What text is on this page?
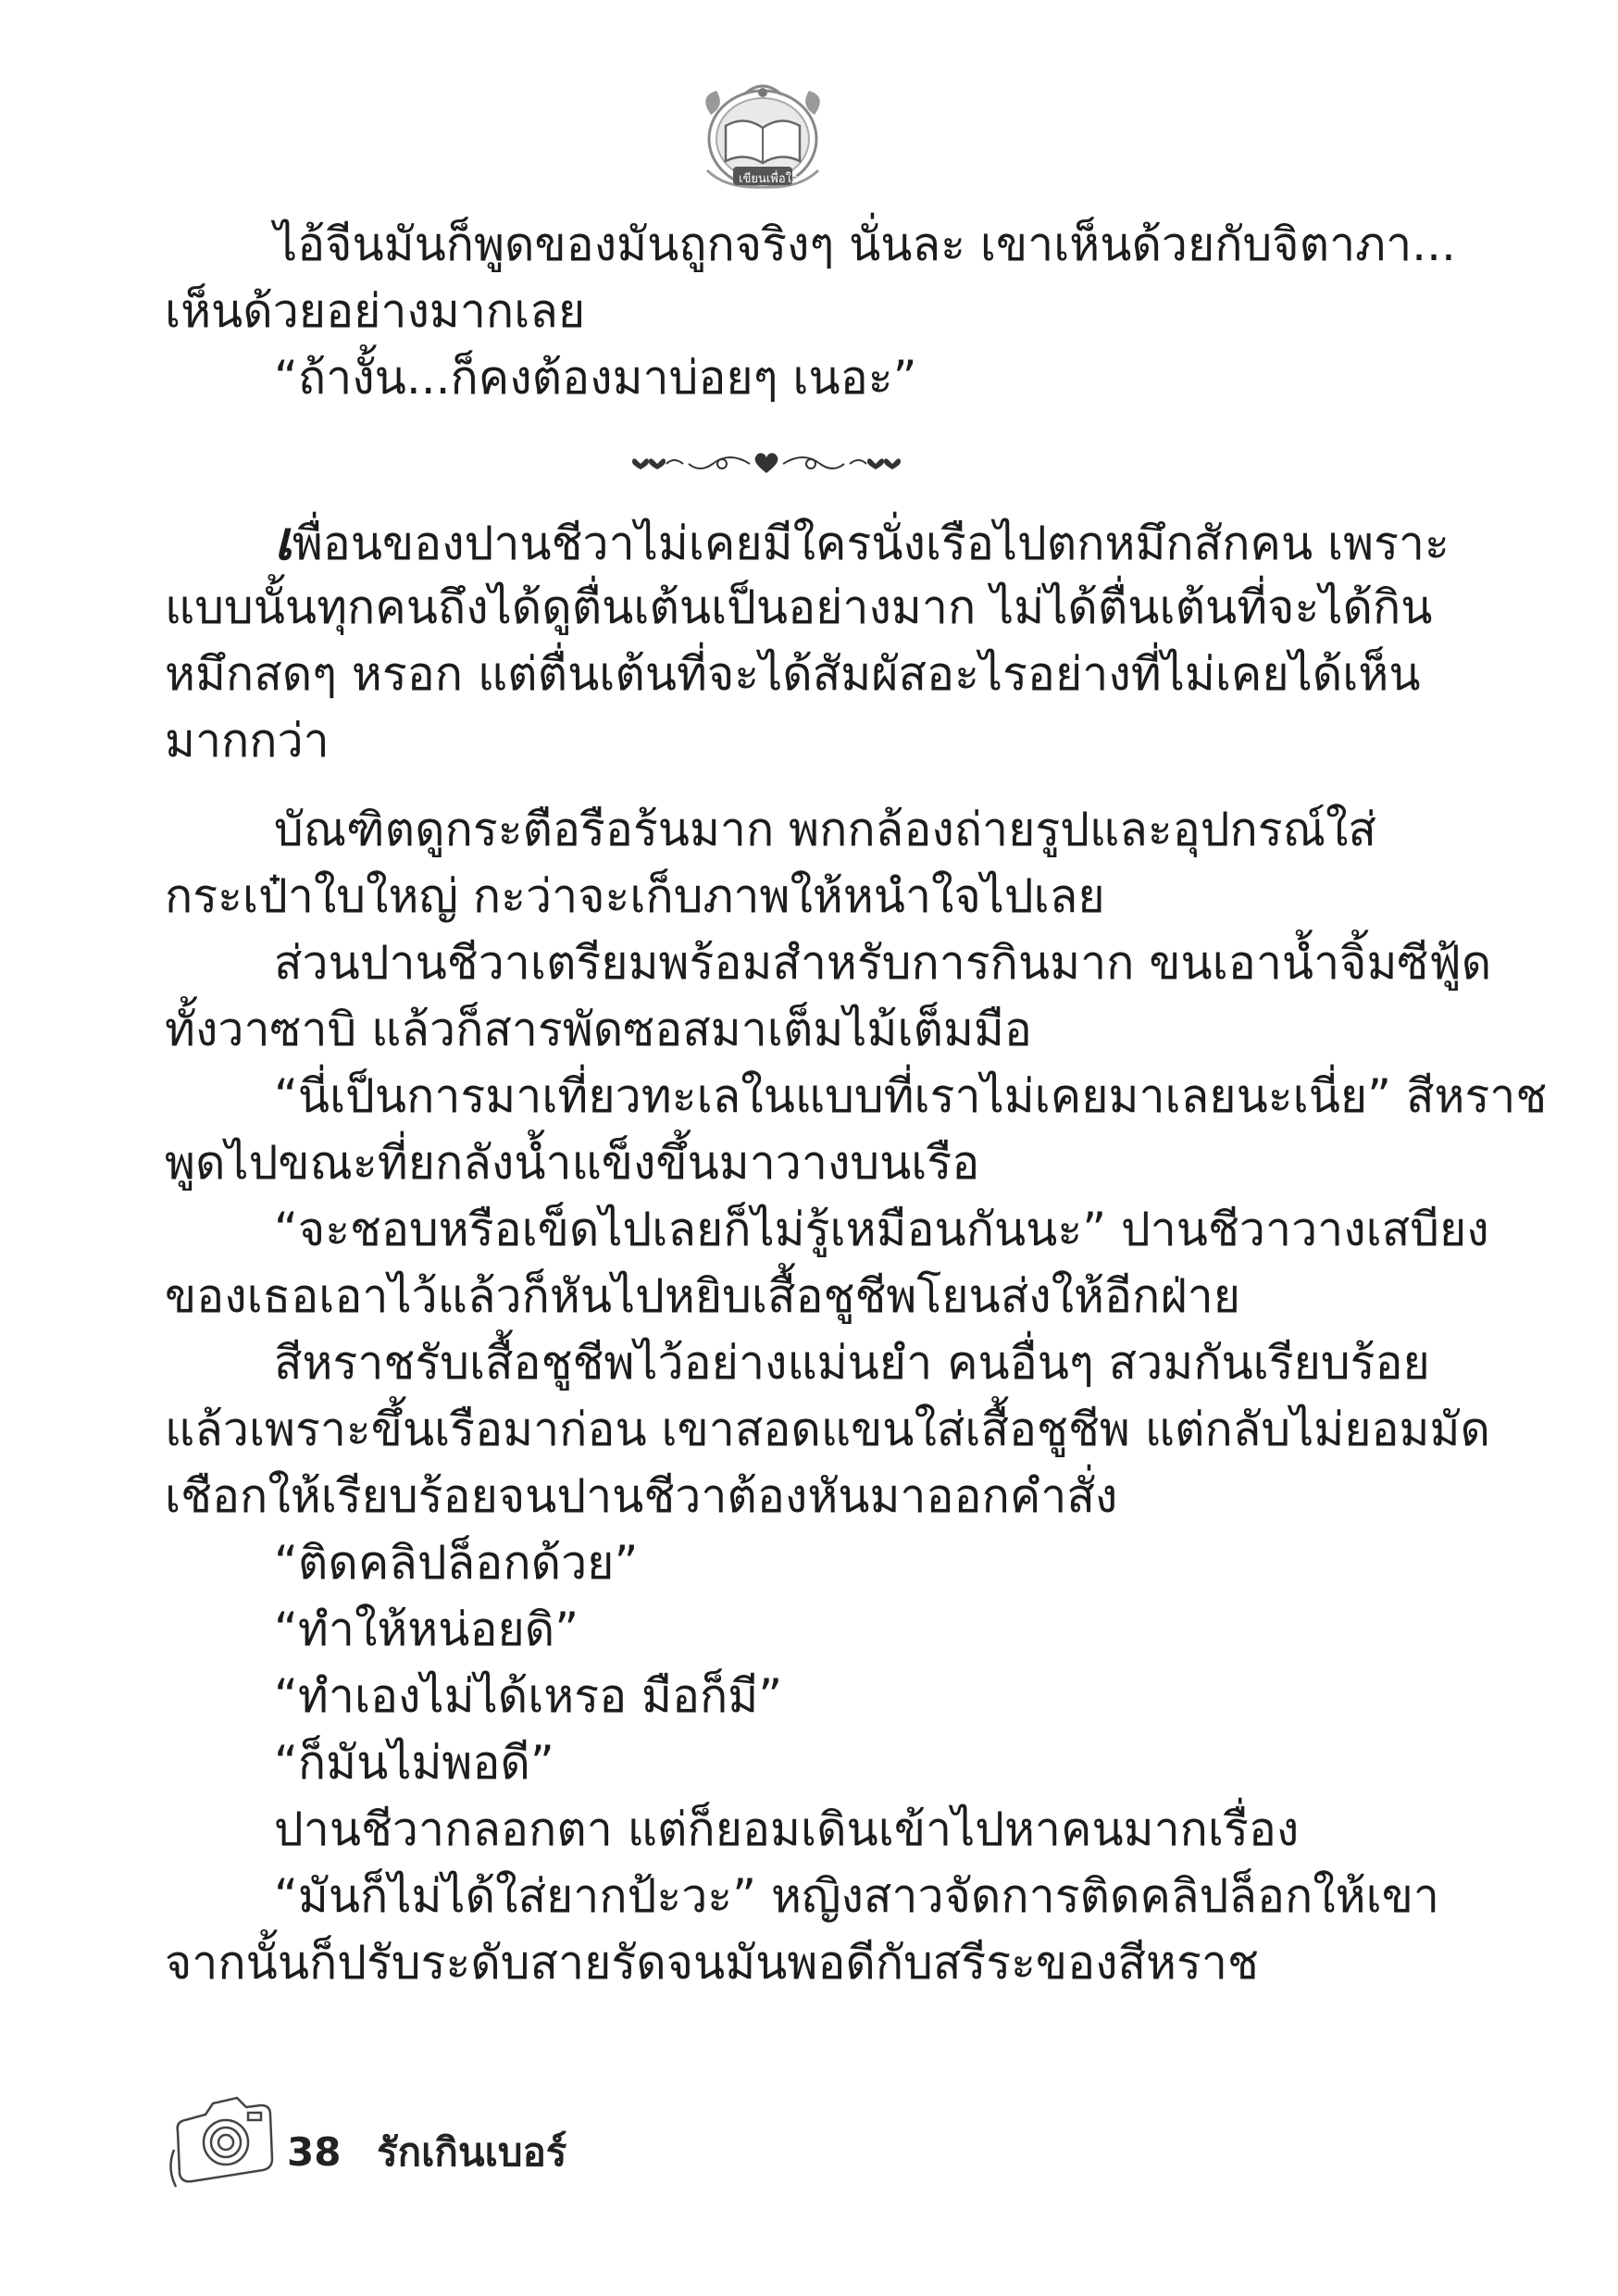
เขียนเพื่อใจ
ไอ้จีนมันก็พูดของมันถูกจริงๆ นั่นละ เขาเห็นด้วยกับจิตาภา...
เห็นด้วยอย่างมากเลย
“ถ้างั้น...ก็คงต้องมาบ่อยๆ เนอะ”
เพื่อนของปานชีวาไม่เคยมีใครนั่งเรือไปตกหมึกสักคน เพราะ
แบบนั้นทุกคนถึงได้ดูตื่นเต้นเป็นอย่างมาก ไม่ได้ตื่นเต้นที่จะได้กิน
หมึกสดๆ หรอก แต่ตื่นเต้นที่จะได้สัมผัสอะไรอย่างที่ไม่เคยได้เห็น
มากกว่า
บัณฑิตดูกระตือรือร้นมาก พกกล้องถ่ายรูปและอุปกรณ์ใส่
กระเป๋าใบใหญ่ กะว่าจะเก็บภาพให้หนำใจไปเลย
ส่วนปานชีวาเตรียมพร้อมสำหรับการกินมาก ขนเอาน้ำจิ้มซีฟู้ด
ทั้งวาซาบิ แล้วก็สารพัดซอสมาเต็มไม้เต็มมือ
“นี่เป็นการมาเที่ยวทะเลในแบบที่เราไม่เคยมาเลยนะเนี่ย” สีหราช
พูดไปขณะที่ยกลังน้ำแข็งขึ้นมาวางบนเรือ
“จะชอบหรือเข็ดไปเลยก็ไม่รู้เหมือนกันนะ” ปานชีวาวางเสบียง
ของเธอเอาไว้แล้วก็หันไปหยิบเสื้อชูชีพโยนส่งให้อีกฝ่าย
สีหราชรับเสื้อชูชีพไว้อย่างแม่นยำ คนอื่นๆ สวมกันเรียบร้อย
แล้วเพราะขึ้นเรือมาก่อน เขาสอดแขนใส่เสื้อชูชีพ แต่กลับไม่ยอมมัด
เชือกให้เรียบร้อยจนปานชีวาต้องหันมาออกคำสั่ง
“ติดคลิปล็อกด้วย”
“ทำให้หน่อยดิ”
“ทำเองไม่ได้เหรอ มือก็มี”
“ก็มันไม่พอดี”
ปานชีวากลอกตา แต่ก็ยอมเดินเข้าไปหาคนมากเรื่อง
“มันก็ไม่ได้ใส่ยากป้ะวะ” หญิงสาวจัดการติดคลิปล็อกให้เขา
จากนั้นก็ปรับระดับสายรัดจนมันพอดีกับสรีระของสีหราช
38 รักเกินเบอร์
